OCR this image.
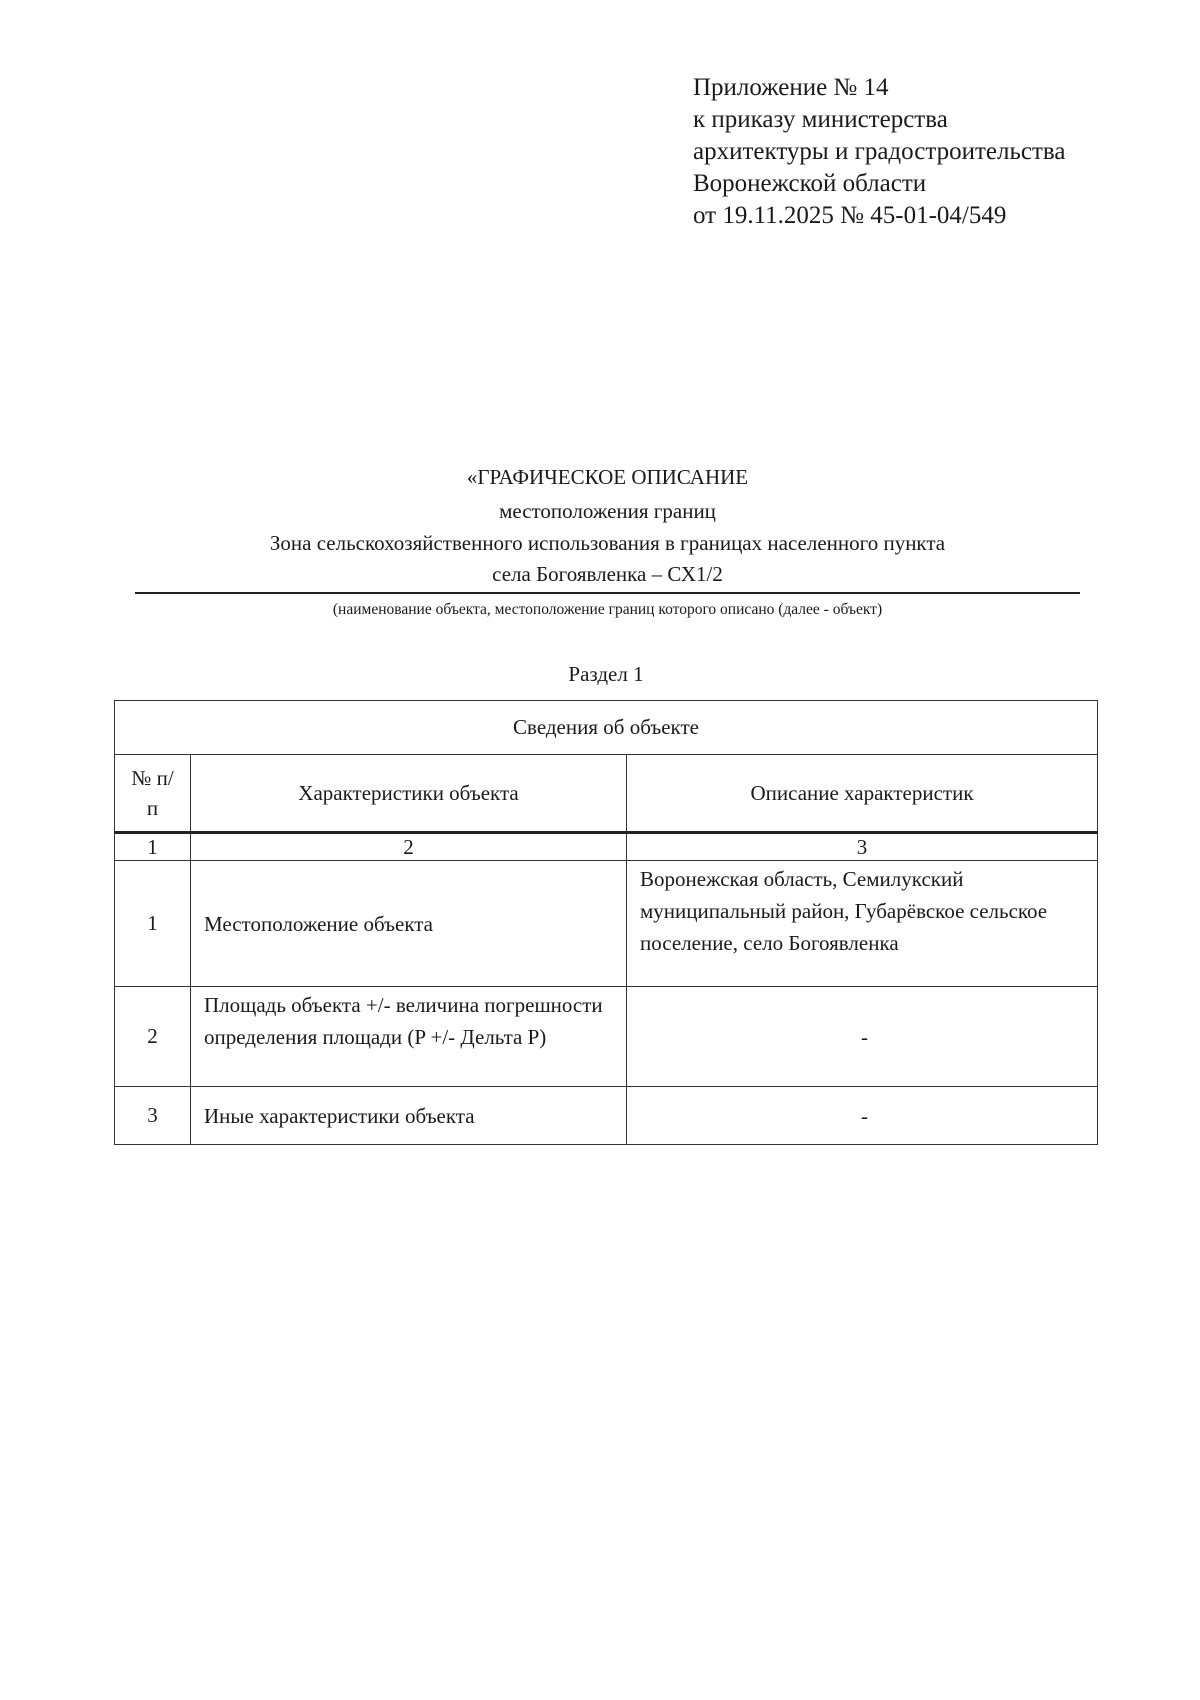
Приложение № 14
к приказу министерства
архитектуры и градостроительства
Воронежской области
от 19.11.2025 № 45-01-04/549
«ГРАФИЧЕСКОЕ ОПИСАНИЕ
местоположения границ
Зона сельскохозяйственного использования в границах населенного пункта
села Богоявленка – СХ1/2
(наименование объекта, местоположение границ которого описано (далее - объект)
Раздел 1
Сведения об объекте		
№ п/п	Характеристики объекта	Описание характеристик
1	2	3
1	Местоположение объекта	Воронежская область, Семилукский муниципальный район, Губарёвское сельское поселение, село Богоявленка
2	Площадь объекта +/- величина погрешности определения площади (P +/- Дельта P)	-
3	Иные характеристики объекта	-
